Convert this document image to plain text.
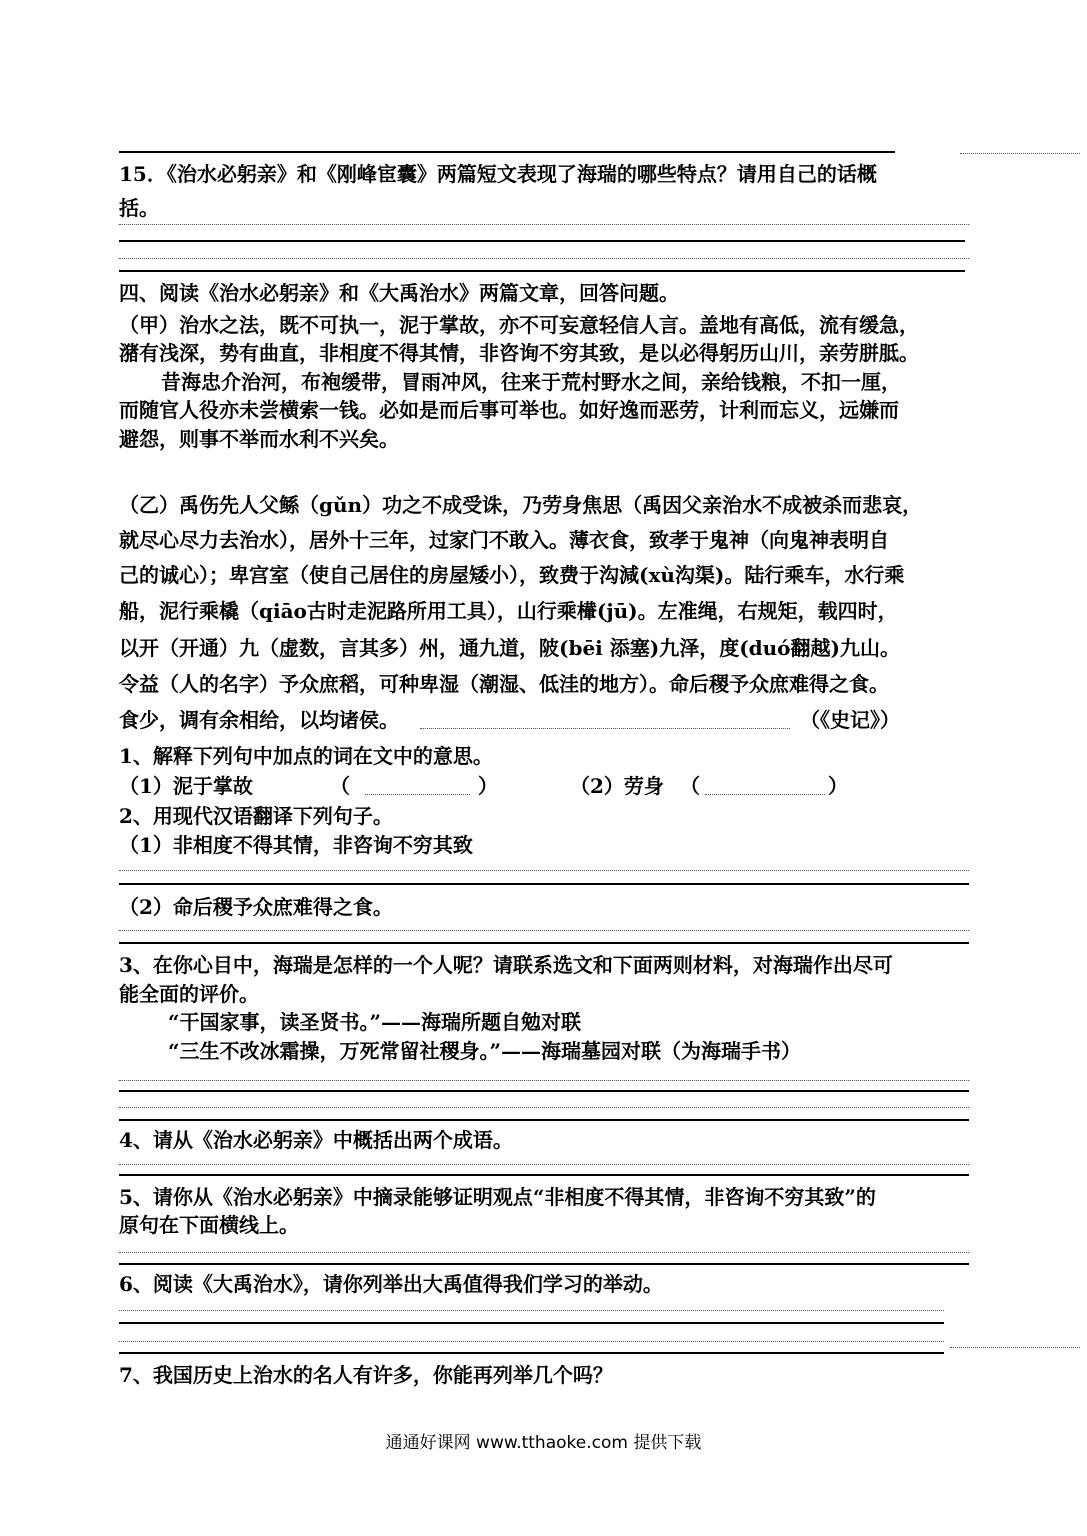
15．《治水必躬亲》和《刚峰宦囊》两篇短文表现了海瑞的哪些特点？请用自己的话概
括。
四、阅读《治水必躬亲》和《大禹治水》两篇文章，回答问题。
（甲）治水之法，既不可执一，泥于掌故，亦不可妄意轻信人言。盖地有高低，流有缓急，
潴有浅深，势有曲直，非相度不得其情，非咨询不穷其致，是以必得躬历山川，亲劳胼胝。
昔海忠介治河，布袍缓带，冒雨冲风，往来于荒村野水之间，亲给钱粮，不扣一厘，
而随官人役亦未尝横索一钱。必如是而后事可举也。如好逸而恶劳，计利而忘义，远嫌而
避怨，则事不举而水利不兴矣。
（乙）禹伤先人父鲧（gǔn）功之不成受诛，乃劳身焦思（禹因父亲治水不成被杀而悲哀，
就尽心尽力去治水），居外十三年，过家门不敢入。薄衣食，致孝于鬼神（向鬼神表明自
己的诚心）；卑宫室（使自己居住的房屋矮小），致费于沟減(xù沟渠)。陆行乘车，水行乘
船，泥行乘橇（qiāo古时走泥路所用工具），山行乘檋(jū)。左准绳，右规矩，载四时，
以开（开通）九（虚数，言其多）州，通九道，陂(bēi 添塞)九泽，度(duó翻越)九山。
令益（人的名字）予众庶稻，可种卑湿（潮湿、低洼的地方）。命后稷予众庶难得之食。
食少，调有余相给，以均诸侯。	（《史记》）
1、解释下列句中加点的词在文中的意思。
（1）泥于掌故	（	）	（2）劳身 （	）
2、用现代汉语翻译下列句子。
（1）非相度不得其情，非咨询不穷其致
（2）命后稷予众庶难得之食。
3、在你心目中，海瑞是怎样的一个人呢？请联系选文和下面两则材料，对海瑞作出尽可
能全面的评价。
“干国家事，读圣贤书。”——海瑞所题自勉对联
“三生不改冰霜操，万死常留社稷身。”——海瑞墓园对联（为海瑞手书）
4、请从《治水必躬亲》中概括出两个成语。
5、请你从《治水必躬亲》中摘录能够证明观点“非相度不得其情，非咨询不穷其致”的
原句在下面横线上。
6、阅读《大禹治水》，请你列举出大禹值得我们学习的举动。
7、我国历史上治水的名人有许多，你能再列举几个吗？
通通好课网 www.tthaoke.com 提供下载
